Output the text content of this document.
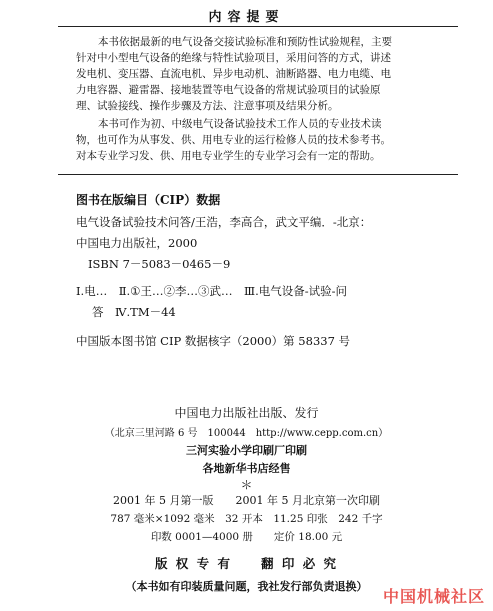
内容提要

本书依据最新的电气设备交接试验标准和预防性试验规程，主要

针对中小型电气设备的绝缘与特性试验项目，采用问答的方式，讲述

发电机、变压器、直流电机、异步电动机、油断路器、电力电缆、电

力电容器、避雷器、接地装置等电气设备的常规试验项目的试验原

理、试验接线、操作步骤及方法、注意事项及结果分析。

本书可作为初、中级电气设备试验技术工作人员的专业技术读

物，也可作为从事发、供、用电专业的运行检修人员的技术参考书。

对本专业学习发、供、用电专业学生的专业学习会有一定的帮助。

图书在版编目（CIP）数据
电气设备试验技术问答/王浩，李高合，武文平编．-北京：
中国电力出版社，2000
ISBN 7－5083－0465－9
Ⅰ.电…　Ⅱ.①王…②李…③武…　Ⅲ.电气设备-试验-问
答　Ⅳ.TM－44
中国版本图书馆 CIP 数据核字（2000）第 58337 号
中国电力出版社出版、发行
（北京三里河路 6 号　100044　http://www.cepp.com.cn）
三河实验小学印刷厂印刷
各地新华书店经售
＊
2001 年 5 月第一版　　2001 年 5 月北京第一次印刷
787 毫米×1092 毫米　32 开本　11.25 印张　242 千字
印数 0001—4000 册　　定价 18.00 元
版 权 专 有　　翻 印 必 究
（本书如有印装质量问题，我社发行部负责退换）
中国机械社区
